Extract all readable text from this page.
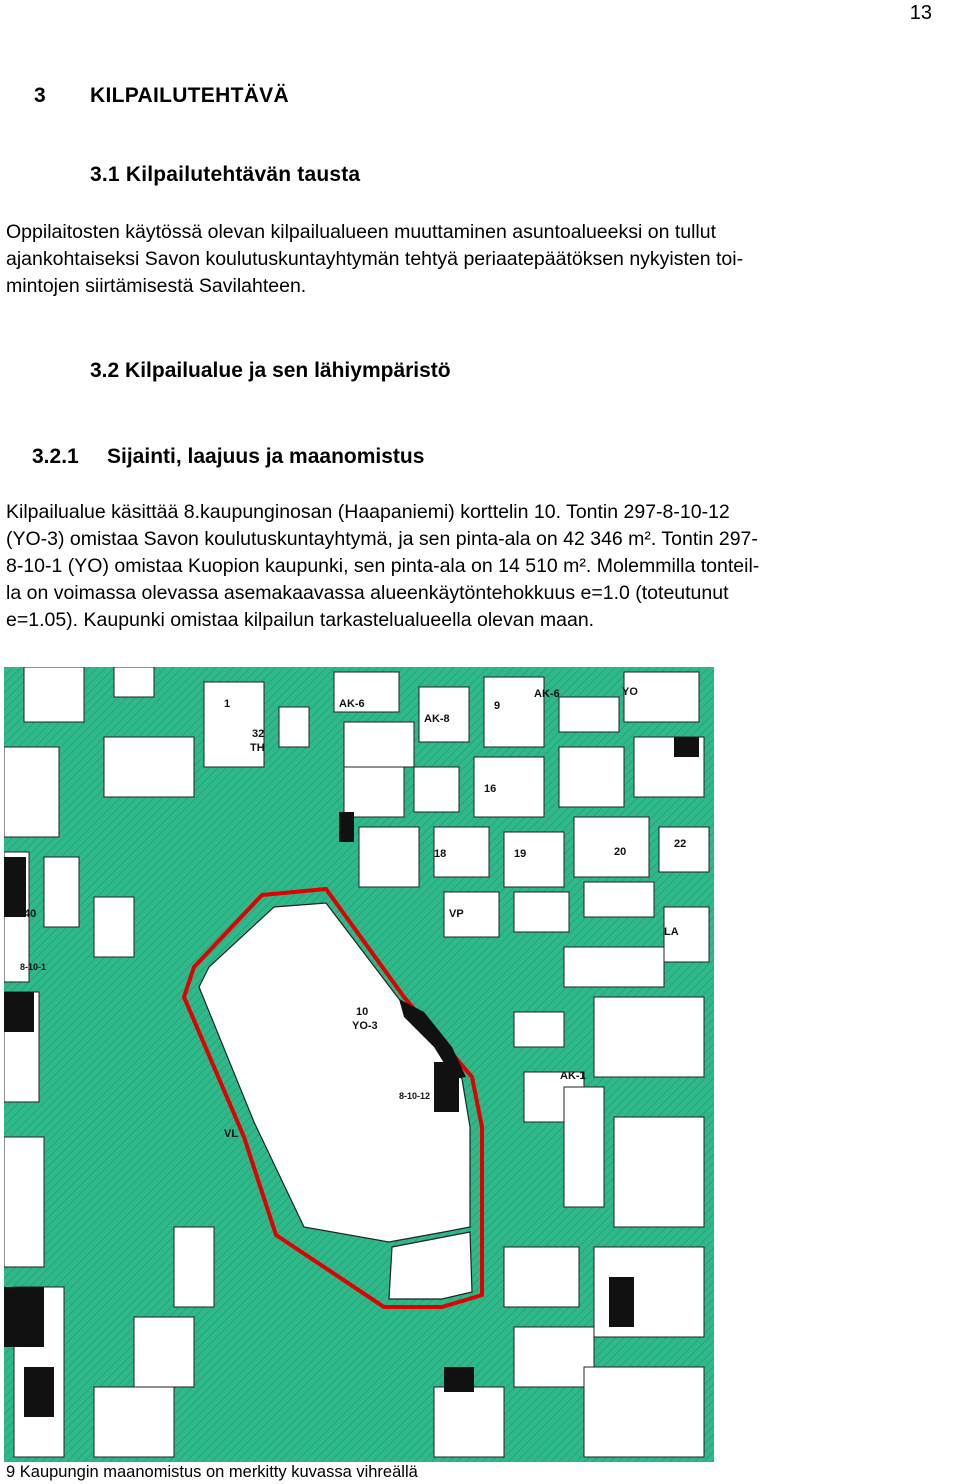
13
3 KILPAILUTEHTÄVÄ
3.1 Kilpailutehtävän tausta

Oppilaitosten käytössä olevan kilpailualueen muuttaminen asuntoalueeksi on tullut
ajankohtaiseksi Savon koulutuskuntayhtymän tehtyä periaatepäätöksen nykyisten toi-
mintojen siirtämisestä Savilahteen.

3.2 Kilpailualue ja sen lähiympäristö
3.2.1 Sijainti, laajuus ja maanomistus

Kilpailualue käsittää 8.kaupunginosan (Haapaniemi) korttelin 10. Tontin 297-8-10-12
(YO-3) omistaa Savon koulutuskuntayhtymä, ja sen pinta-ala on 42 346 m². Tontin 297-
8-10-1 (YO) omistaa Kuopion kaupunki, sen pinta-ala on 14 510 m². Molemmilla tonteil-
la on voimassa olevassa asemakaavassa alueenkäytöntehokkuus e=1.0 (toteutunut
e=1.05). Kaupunki omistaa kilpailun tarkastelualueella olevan maan.

10
YO-3
8-10-12
8-10-1
32
TH
AK-6
AK-8
AK-6
AK-1
YO
VP
16
18	19	20
22
1	9
40
42
LA
VL
9 Kaupungin maanomistus on merkitty kuvassa vihreällä
